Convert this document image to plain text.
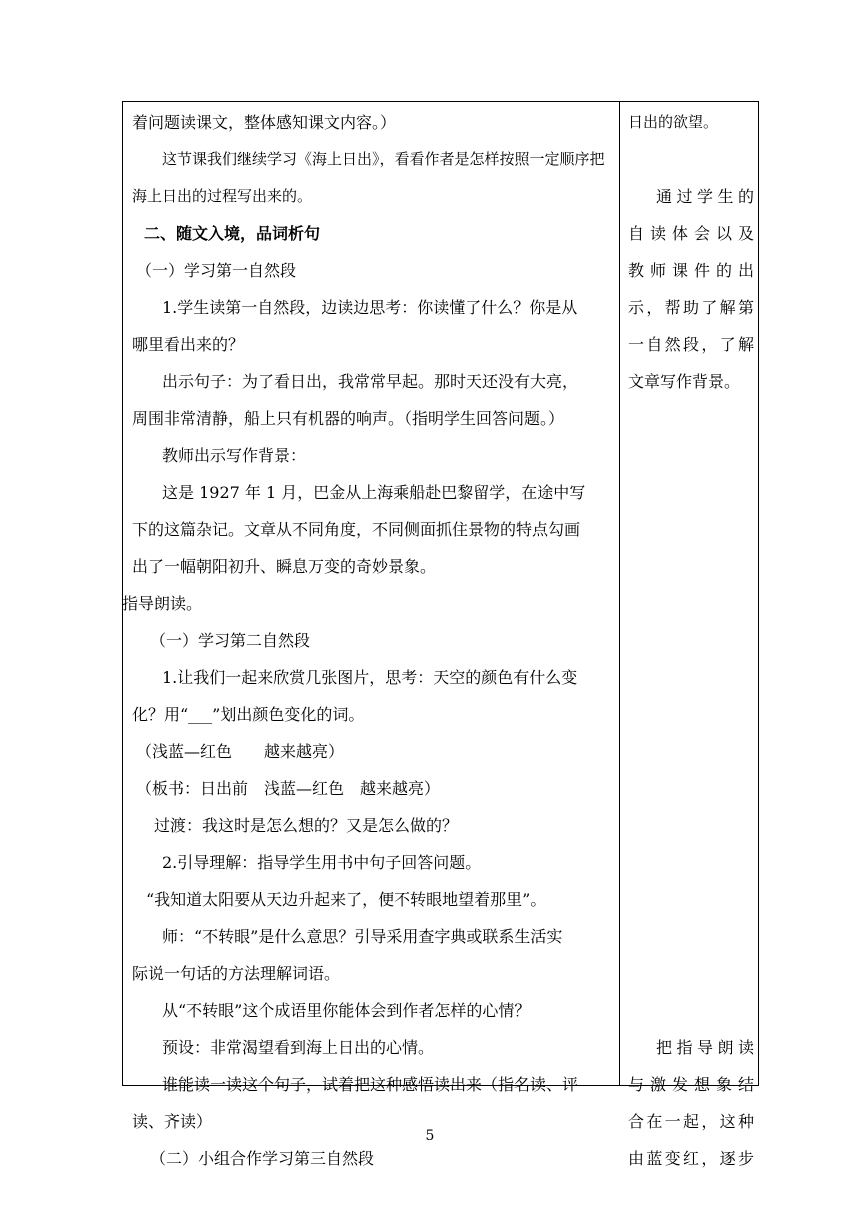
着问题读课文，整体感知课文内容。）
这节课我们继续学习《海上日出》，看看作者是怎样按照一定顺序把
海上日出的过程写出来的。
二、随文入境，品词析句
（一）学习第一自然段
1.学生读第一自然段，边读边思考：你读懂了什么？你是从
哪里看出来的？
出示句子：为了看日出，我常常早起。那时天还没有大亮，
周围非常清静，船上只有机器的响声。（指明学生回答问题。）
教师出示写作背景：
这是 1927 年 1 月，巴金从上海乘船赴巴黎留学，在途中写
下的这篇杂记。文章从不同角度，不同侧面抓住景物的特点勾画
出了一幅朝阳初升、瞬息万变的奇妙景象。
指导朗读。
（一）学习第二自然段
1.让我们一起来欣赏几张图片，思考：天空的颜色有什么变
化？用“___”划出颜色变化的词。
（浅蓝—红色　　越来越亮）
（板书：日出前　浅蓝—红色　越来越亮）
过渡：我这时是怎么想的？又是怎么做的？
2.引导理解：指导学生用书中句子回答问题。
“我知道太阳要从天边升起来了，便不转眼地望着那里”。
师：“不转眼”是什么意思？引导采用查字典或联系生活实
际说一句话的方法理解词语。
从“不转眼”这个成语里你能体会到作者怎样的心情？
预设：非常渴望看到海上日出的心情。
谁能读一读这个句子，试着把这种感悟读出来（指名读、评
读、齐读）
（二）小组合作学习第三自然段
日出的欲望。
通过学生的
自读体会以及
教师课件的出
示，帮助了解第
一自然段，了解
文章写作背景。
把指导朗读
与激发想象结
合在一起，这种
由蓝变红，逐步
5
